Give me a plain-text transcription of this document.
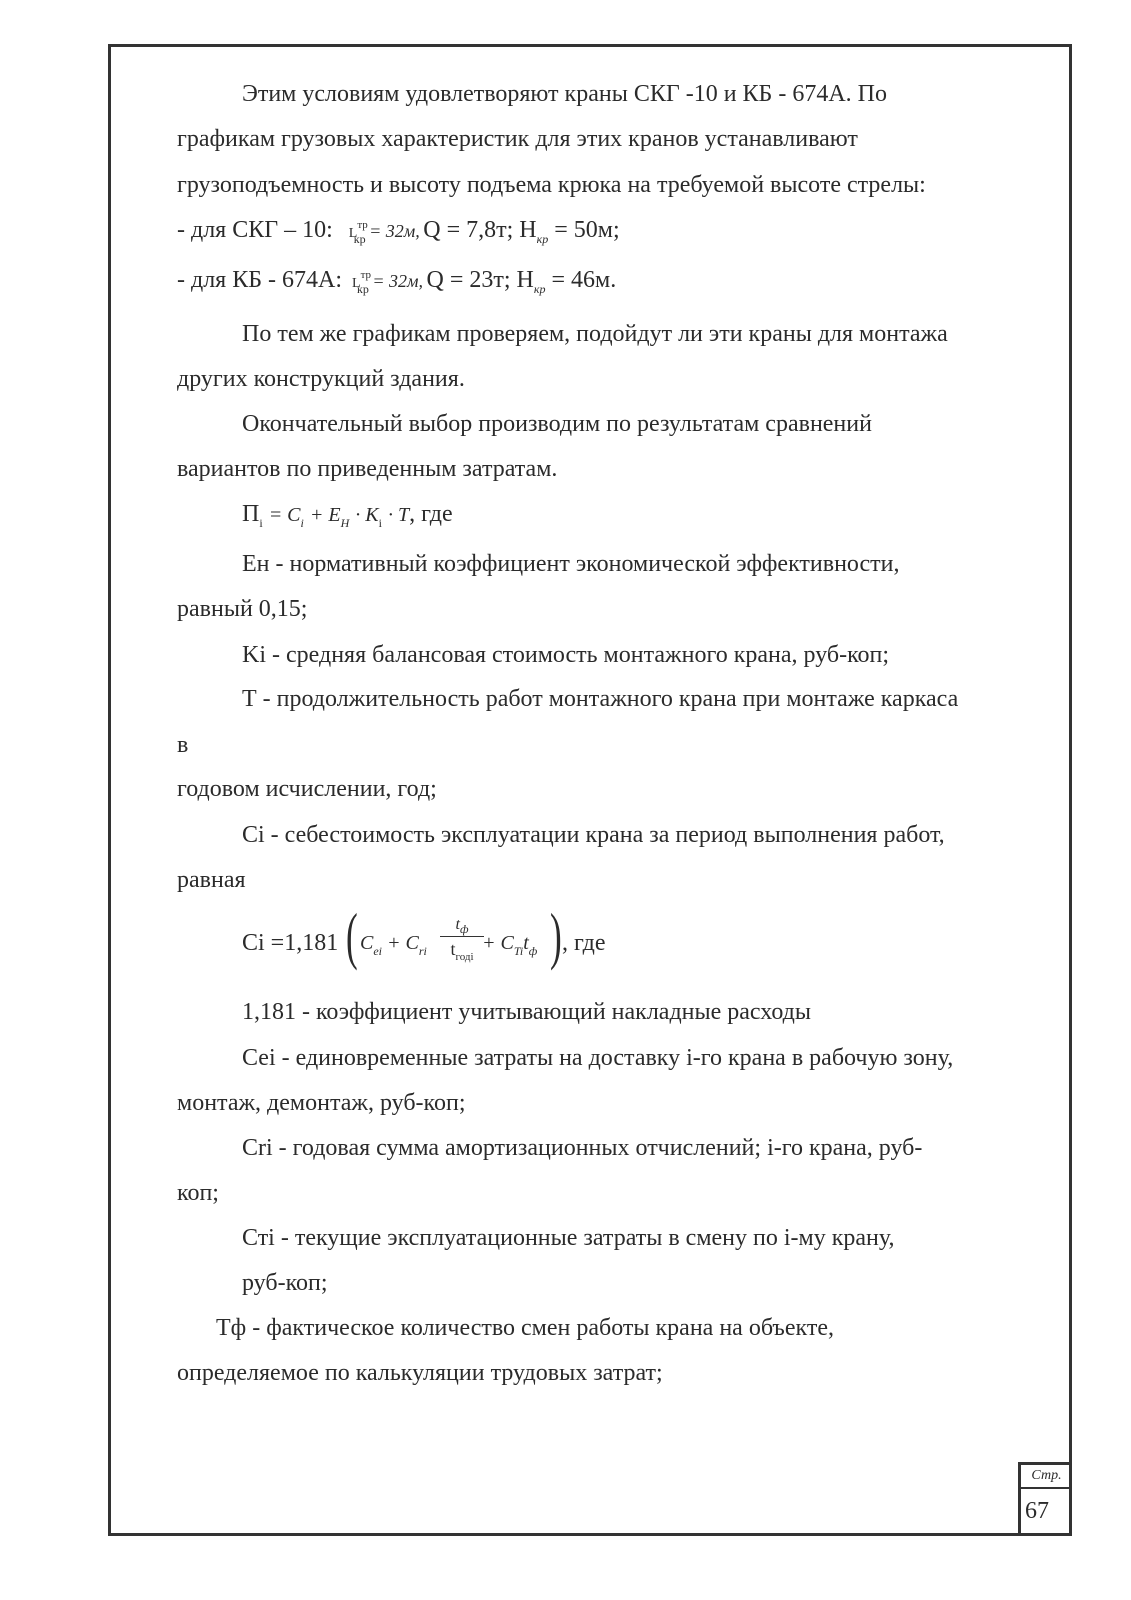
Этим условиям удовлетворяют краны СКГ -10 и КБ - 674А. По
графикам грузовых характеристик для этих кранов устанавливают
грузоподъемность и высоту подъема крюка на требуемой высоте стрелы:
- для СКГ – 10: $L^{тр}кр = 32м$, Q = 7,8т; $Н_{кр} = 50м$;
- для КБ - 674А: $L^{тр}кр = 32м$, Q = 23т; $Н_{кр} = 46м$.
По тем же графикам проверяем, подойдут ли эти краны для монтажа
других конструкций здания.
Окончательный выбор производим по результатам сравнений
вариантов по приведенным затратам.
$П_i = C_i + E_H \cdot K_i \cdot T$, где
Ен - нормативный коэффициент экономической эффективности,
равный 0,15;
Ki - средняя балансовая стоимость монтажного крана, руб-коп;
Т - продолжительность работ монтажного крана при монтаже каркаса
в
годовом исчислении, год;
Ci - себестоимость эксплуатации крана за период выполнения работ,
равная
Ci =1,181 ( $C_{ei} + C_{ri}$
$t_ф$
$t_{годі}$
+ $C_{Ti}t_ф$ ) , где
1,181 - коэффициент учитывающий накладные расходы
Сеі - единовременные затраты на доставку і-го крана в рабочую зону,
монтаж, демонтаж, руб-коп;
Сrі - годовая сумма амортизационных отчислений; і-го крана, руб-
коп;
Стi - текущие эксплуатационные затраты в смену по і-му крану,
руб-коп;
Тф - фактическое количество смен работы крана на объекте,
определяемое по калькуляции трудовых затрат;
Стр.
67
